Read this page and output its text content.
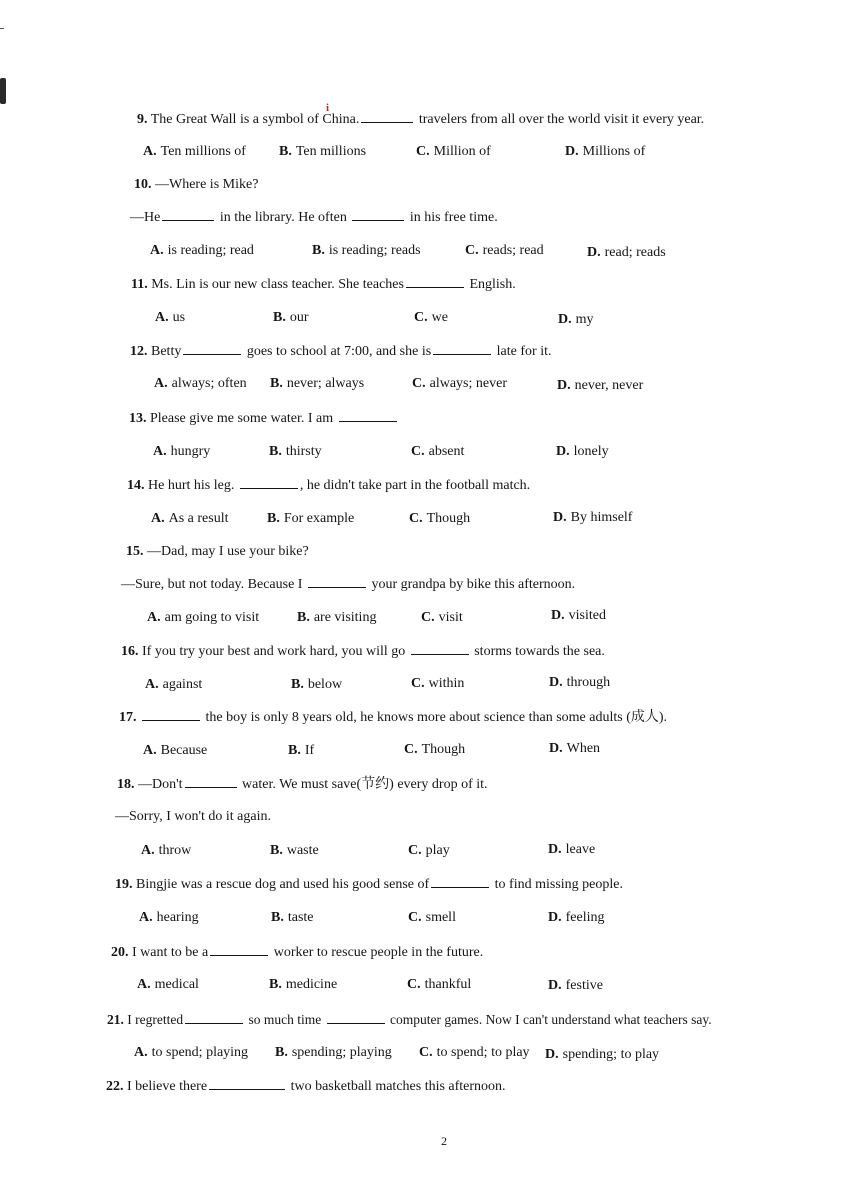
i
9. The Great Wall is a symbol of China.	travelers from all over the world visit it every year.
A. Ten millions of B. Ten millions	C. Million of	D. Millions of
10. —Where is Mike?
—He	in the library. He often	in his free time.
A. is reading; read	B. is reading; reads	C. reads; read	D. read; reads
11. Ms. Lin is our new class teacher. She teaches	English.
A. us	B. our	C. we	D. my
12. Betty	goes to school at 7:00, and she is	late for it.
A. always; often B. never; always	C. always; never	D. never, never
13. Please give me some water. I am
A. hungry	B. thirsty	C. absent	D. lonely
14. He hurt his leg.	, he didn't take part in the football match.
A. As a result	B. For example	C. Though	D. By himself
15. —Dad, may I use your bike?
—Sure, but not today. Because I	your grandpa by bike this afternoon.
A. am going to visit	B. are visiting	C. visit	D. visited
16. If you try your best and work hard, you will go	storms towards the sea.
A. against	B. below	C. within	D. through
17.	the boy is only 8 years old, he knows more about science than some adults (成人).
A. Because	B. If	C. Though	D. When
18. —Don't	water. We must save(节约) every drop of it.
—Sorry, I won't do it again.
A. throw	B. waste	C. play	D. leave
19. Bingjie was a rescue dog and used his good sense of	to find missing people.
A. hearing	B. taste	C. smell	D. feeling
20. I want to be a	worker to rescue people in the future.
A. medical	B. medicine	C. thankful	D. festive
21. I regretted	so much time	computer games. Now I can't understand what teachers say.
A. to spend; playing B. spending; playing C. to spend; to play D. spending; to play
22. I believe there	two basketball matches this afternoon.
2
